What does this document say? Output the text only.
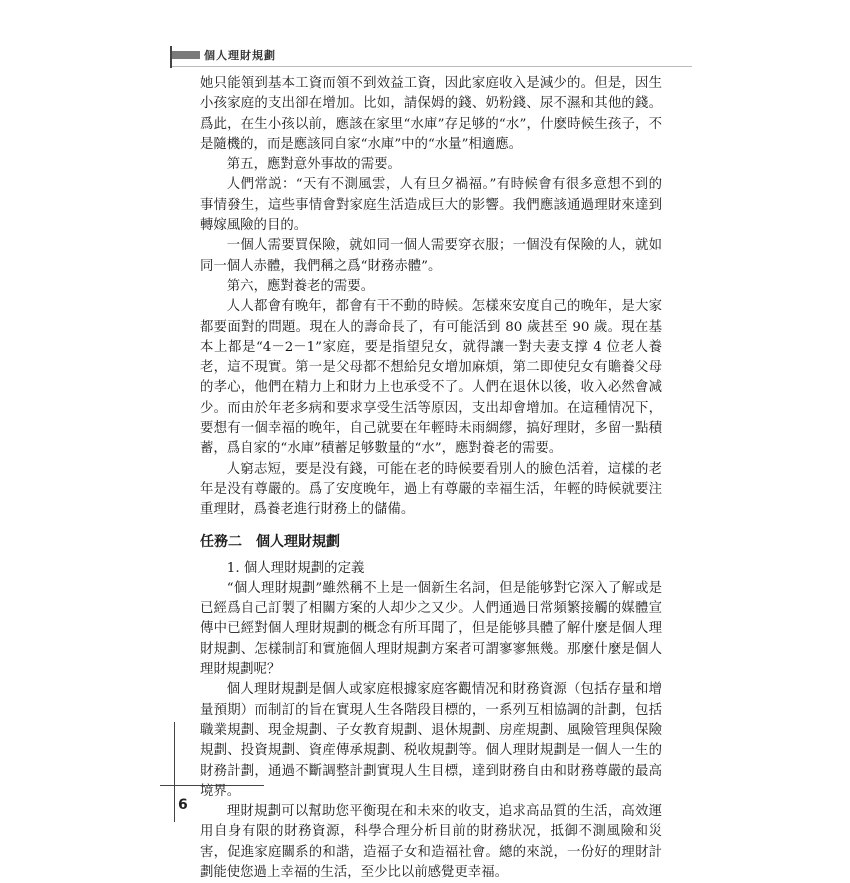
個人理財規劃

她只能領到基本工資而領不到效益工資，因此家庭收入是減少的。但是，因生小孩家庭的支出卻在增加。比如，請保姆的錢、奶粉錢、尿不濕和其他的錢。爲此，在生小孩以前，應該在家里“水庫”存足够的“水”，什麽時候生孩子，不是隨機的，而是應該同自家“水庫”中的“水量”相適應。

第五，應對意外事故的需要。

人們常説：“天有不測風雲，人有旦夕禍福。”有時候會有很多意想不到的事情發生，這些事情會對家庭生活造成巨大的影響。我們應該通過理財來達到轉嫁風險的目的。

一個人需要買保險，就如同一個人需要穿衣服；一個没有保險的人，就如同一個人赤體，我們稱之爲“財務赤體”。

第六，應對養老的需要。

人人都會有晚年，都會有干不動的時候。怎樣來安度自己的晚年，是大家都要面對的問題。現在人的壽命長了，有可能活到 80 歲甚至 90 歲。現在基本上都是“4－2－1”家庭，要是指望兒女，就得讓一對夫妻支撑 4 位老人養老，這不現實。第一是父母都不想給兒女增加麻煩，第二即使兒女有贍養父母的孝心，他們在精力上和財力上也承受不了。人們在退休以後，收入必然會减少。而由於年老多病和要求享受生活等原因，支出却會增加。在這種情况下，要想有一個幸福的晚年，自己就要在年輕時未雨綢繆，搞好理財，多留一點積蓄，爲自家的“水庫”積蓄足够數量的“水”，應對養老的需要。

人窮志短，要是没有錢，可能在老的時候要看別人的臉色活着，這樣的老年是没有尊嚴的。爲了安度晚年，過上有尊嚴的幸福生活，年輕的時候就要注重理財，爲養老進行財務上的儲備。

任務二 個人理財規劃

1. 個人理財規劃的定義

“個人理財規劃”雖然稱不上是一個新生名詞，但是能够對它深入了解或是已經爲自己訂製了相關方案的人却少之又少。人們通過日常頻繁接觸的媒體宣傳中已經對個人理財規劃的概念有所耳聞了，但是能够具體了解什麼是個人理財規劃、怎樣制訂和實施個人理財規劃方案者可謂寥寥無幾。那麼什麼是個人理財規劃呢？

個人理財規劃是個人或家庭根據家庭客觀情况和財務資源（包括存量和增量預期）而制訂的旨在實現人生各階段目標的，一系列互相協調的計劃，包括職業規劃、現金規劃、子女教育規劃、退休規劃、房産規劃、風險管理與保險規劃、投資規劃、資産傳承規劃、税收規劃等。個人理財規劃是一個人一生的財務計劃，通過不斷調整計劃實現人生目標，達到財務自由和財務尊嚴的最高境界。

理財規劃可以幫助您平衡現在和未來的收支，追求高品質的生活，高效運用自身有限的財務資源，科學合理分析目前的財務狀况，抵御不測風險和災害，促進家庭關系的和諧，造福子女和造福社會。總的來説，一份好的理財計劃能使您過上幸福的生活，至少比以前感覺更幸福。

6
